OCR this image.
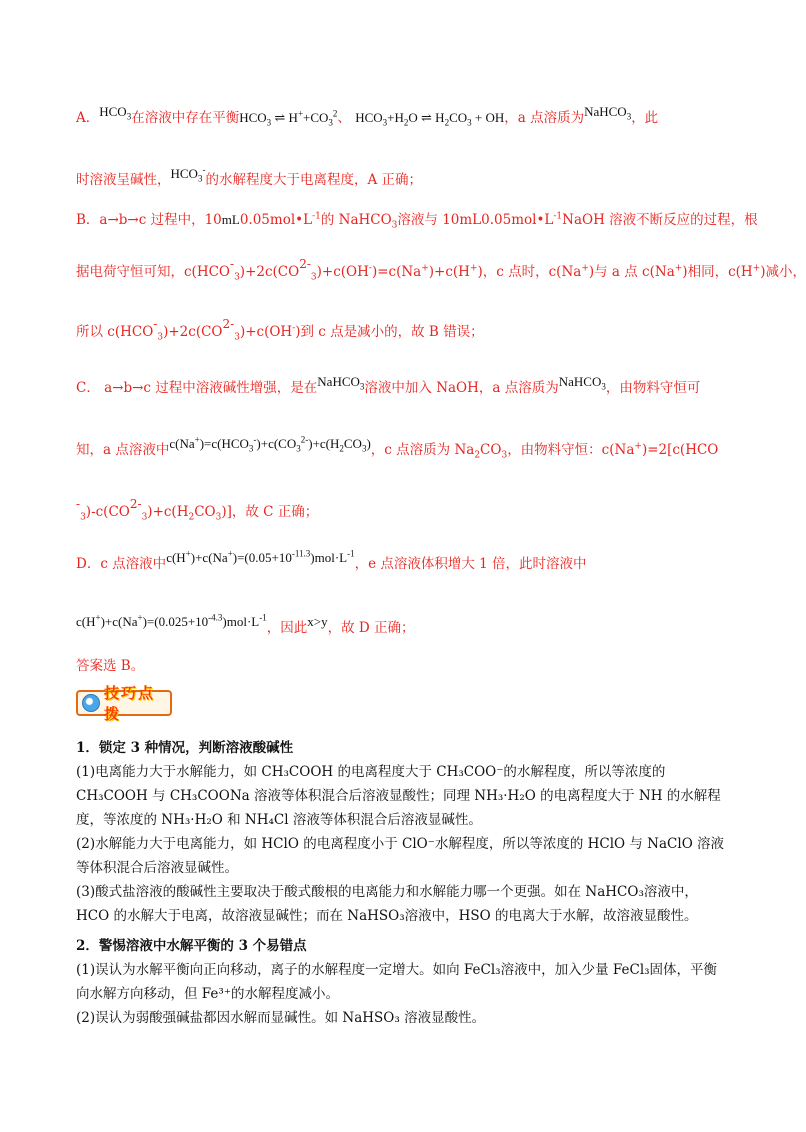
A．$HCO_3$在溶液中存在平衡$HCO_3$ ⇌ $H^++CO_3^2$、 $HCO_3+H_2O$ ⇌ $H_2CO_3$ + OH，a 点溶质为NaHCO$_3$，此
时溶液呈碱性，$HCO_3^-$的水解程度大于电离程度，A 正确；
B．a→b→c 过程中，$10mL0.05mol•L^{-1}$的 NaHCO$_3$溶液与 $10mL0.05mol•L^{-1}NaOH$ 溶液不断反应的过程，根
据电荷守恒可知，$c(HCO-_3)+2c(CO2-_3)+c(OH^-)=c(Na^+)+c(H^+)$，c 点时，c(Na+)与 a 点 c(Na+)相同，c(H+)减小，
所以 $c(HCO-_3)+2c(CO2-_3)+c(OH^-)$到 c 点是减小的，故 B 错误；
C． a→b→c 过程中溶液碱性增强，是在NaHCO$_3$溶液中加入 NaOH，a 点溶质为NaHCO$_3$，由物料守恒可
知，a 点溶液中$c(Na^+)=c(HCO_3^-)+c(CO_3^{2-})+c(H_2CO_3)$，c 点溶质为 $Na_2CO_3$，由物料守恒：c(Na+)=2[c(HCO
$-_3)-c(CO2-_3)+c(H_2CO_3)$]，故 C 正确；
D．c 点溶液中$c(H^+)+c(Na^+)=(0.05+10^{-11.3})mol\cdot L^{-1}$，e 点溶液体积增大 1 倍，此时溶液中
$c(H^+)+c(Na^+)=(0.025+10^{-4.3})mol\cdot L^{-1}$，因此x>y，故 D 正确；
答案选 B。
技巧点拨
1．锁定 3 种情况，判断溶液酸碱性
(1)电离能力大于水解能力，如 CH₃COOH 的电离程度大于 CH₃COO⁻的水解程度，所以等浓度的 CH₃COOH 与 CH₃COONa 溶液等体积混合后溶液显酸性；同理 NH₃·H₂O 的电离程度大于 NH 的水解程度，等浓度的 NH₃·H₂O 和 NH₄Cl 溶液等体积混合后溶液显碱性。
(2)水解能力大于电离能力，如 HClO 的电离程度小于 ClO⁻水解程度，所以等浓度的 HClO 与 NaClO 溶液等体积混合后溶液显碱性。
(3)酸式盐溶液的酸碱性主要取决于酸式酸根的电离能力和水解能力哪一个更强。如在 NaHCO₃溶液中，HCO 的水解大于电离，故溶液显碱性；而在 NaHSO₃溶液中，HSO 的电离大于水解，故溶液显酸性。
2．警惕溶液中水解平衡的 3 个易错点
(1)误认为水解平衡向正向移动，离子的水解程度一定增大。如向 FeCl₃溶液中，加入少量 FeCl₃固体，平衡向水解方向移动，但 Fe³⁺的水解程度减小。
(2)误认为弱酸强碱盐都因水解而显碱性。如 NaHSO₃ 溶液显酸性。
